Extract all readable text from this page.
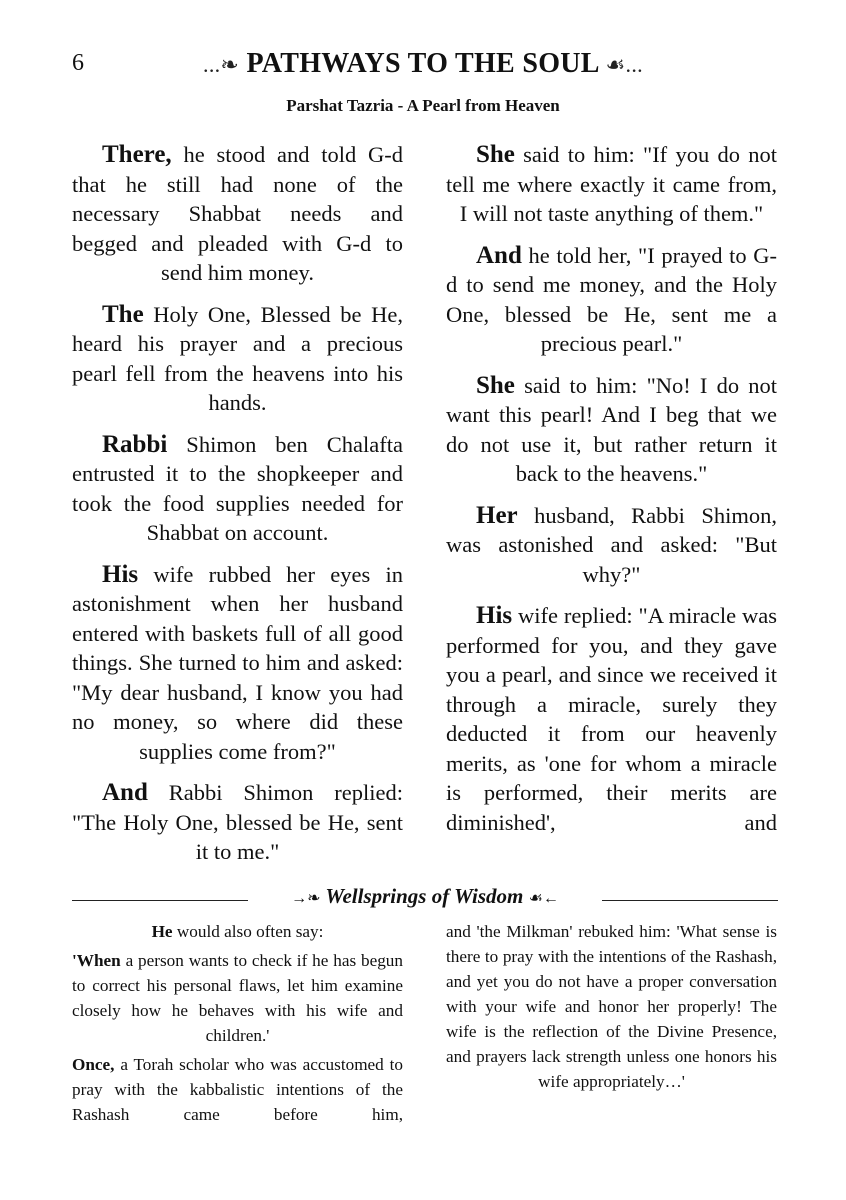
6	...❧ PATHWAYS TO THE SOUL ☙...
Parshat Tazria - A Pearl from Heaven

There, he stood and told G-d that he still had none of the necessary Shabbat needs and begged and pleaded with G-d to send him money.

The Holy One, Blessed be He, heard his prayer and a precious pearl fell from the heavens into his hands.

Rabbi Shimon ben Chalafta entrusted it to the shopkeeper and took the food supplies needed for Shabbat on account.

His wife rubbed her eyes in astonishment when her husband entered with baskets full of all good things. She turned to him and asked: "My dear husband, I know you had no money, so where did these supplies come from?"

And Rabbi Shimon replied: "The Holy One, blessed be He, sent it to me."

She said to him: "If you do not tell me where exactly it came from, I will not taste anything of them."

And he told her, "I prayed to G-d to send me money, and the Holy One, blessed be He, sent me a precious pearl."

She said to him: "No! I do not want this pearl! And I beg that we do not use it, but rather return it back to the heavens."

Her husband, Rabbi Shimon, was astonished and asked: "But why?"

His wife replied: "A miracle was performed for you, and they gave you a pearl, and since we received it through a miracle, surely they deducted it from our heavenly merits, as 'one for whom a miracle is performed, their merits are diminished', and

→❧ Wellsprings of Wisdom ☙←

He would also often say:

'When a person wants to check if he has begun to correct his personal flaws, let him examine closely how he behaves with his wife and children.'

Once, a Torah scholar who was accustomed to pray with the kabbalistic intentions of the Rashash came before him,

and 'the Milkman' rebuked him: 'What sense is there to pray with the intentions of the Rashash, and yet you do not have a proper conversation with your wife and honor her properly! The wife is the reflection of the Divine Presence, and prayers lack strength unless one honors his wife appropriately…'
